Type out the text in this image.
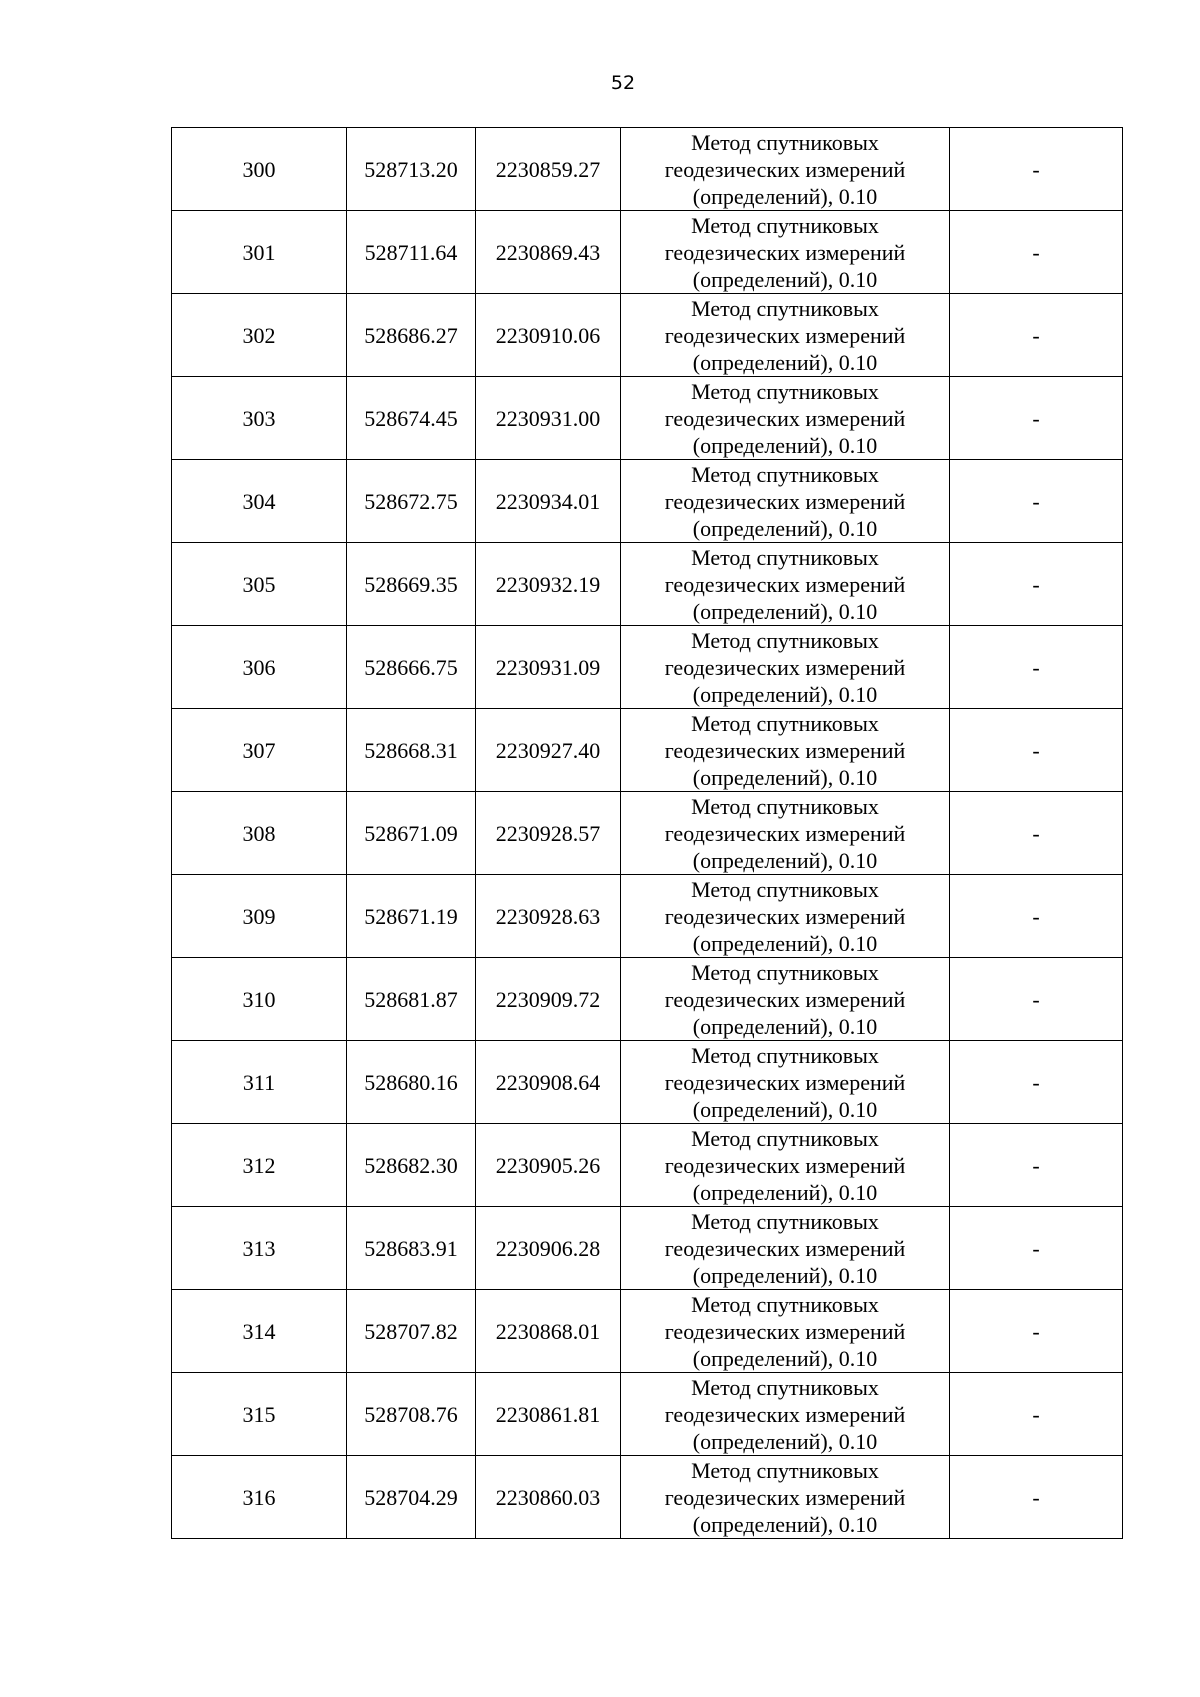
52
300	528713.20	2230859.27	Метод спутниковых
геодезических измерений
(определений), 0.10	-
301	528711.64	2230869.43	Метод спутниковых
геодезических измерений
(определений), 0.10	-
302	528686.27	2230910.06	Метод спутниковых
геодезических измерений
(определений), 0.10	-
303	528674.45	2230931.00	Метод спутниковых
геодезических измерений
(определений), 0.10	-
304	528672.75	2230934.01	Метод спутниковых
геодезических измерений
(определений), 0.10	-
305	528669.35	2230932.19	Метод спутниковых
геодезических измерений
(определений), 0.10	-
306	528666.75	2230931.09	Метод спутниковых
геодезических измерений
(определений), 0.10	-
307	528668.31	2230927.40	Метод спутниковых
геодезических измерений
(определений), 0.10	-
308	528671.09	2230928.57	Метод спутниковых
геодезических измерений
(определений), 0.10	-
309	528671.19	2230928.63	Метод спутниковых
геодезических измерений
(определений), 0.10	-
310	528681.87	2230909.72	Метод спутниковых
геодезических измерений
(определений), 0.10	-
311	528680.16	2230908.64	Метод спутниковых
геодезических измерений
(определений), 0.10	-
312	528682.30	2230905.26	Метод спутниковых
геодезических измерений
(определений), 0.10	-
313	528683.91	2230906.28	Метод спутниковых
геодезических измерений
(определений), 0.10	-
314	528707.82	2230868.01	Метод спутниковых
геодезических измерений
(определений), 0.10	-
315	528708.76	2230861.81	Метод спутниковых
геодезических измерений
(определений), 0.10	-
316	528704.29	2230860.03	Метод спутниковых
геодезических измерений
(определений), 0.10	-
